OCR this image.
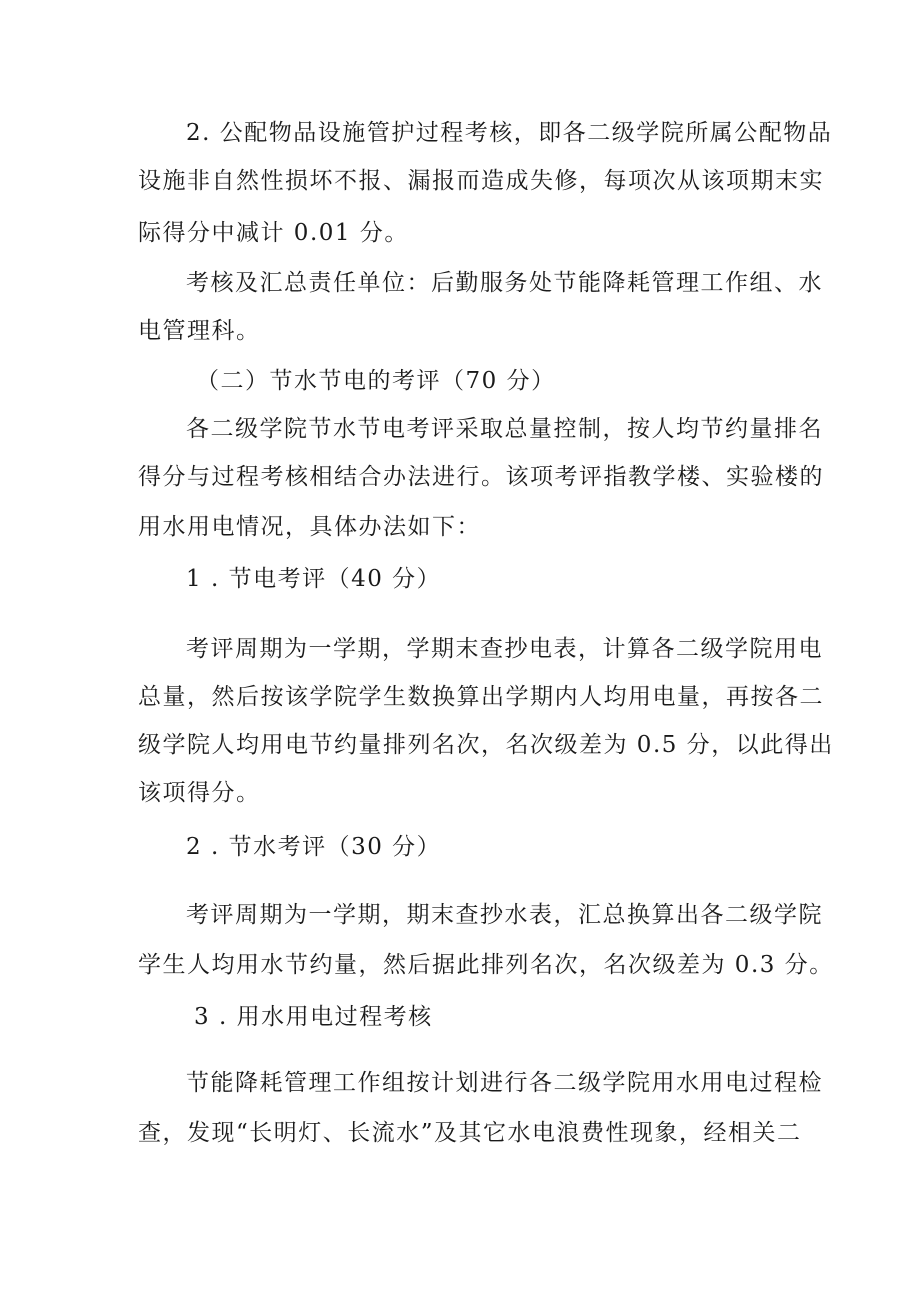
2. 公配物品设施管护过程考核，即各二级学院所属公配物品
设施非自然性损坏不报、漏报而造成失修，每项次从该项期末实
际得分中减计 0.01 分。
考核及汇总责任单位：后勤服务处节能降耗管理工作组、水
电管理科。
（二）节水节电的考评（70 分）
各二级学院节水节电考评采取总量控制，按人均节约量排名
得分与过程考核相结合办法进行。该项考评指教学楼、实验楼的
用水用电情况，具体办法如下：
1 . 节电考评（40 分）
考评周期为一学期，学期末查抄电表，计算各二级学院用电
总量，然后按该学院学生数换算出学期内人均用电量，再按各二
级学院人均用电节约量排列名次，名次级差为 0.5 分，以此得出
该项得分。
2 . 节水考评（30 分）
考评周期为一学期，期末查抄水表，汇总换算出各二级学院
学生人均用水节约量，然后据此排列名次，名次级差为 0.3 分。
3 . 用水用电过程考核
节能降耗管理工作组按计划进行各二级学院用水用电过程检
查，发现“长明灯、长流水”及其它水电浪费性现象，经相关二
